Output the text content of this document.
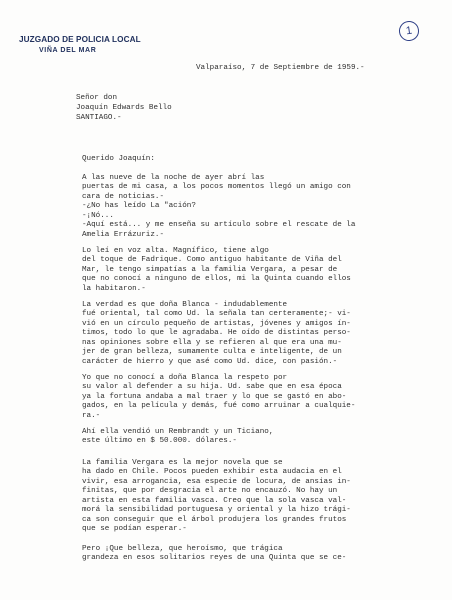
JUZGADO DE POLICIA LOCAL
VIÑA DEL MAR
1
Valparaíso, 7 de Septiembre de 1959.-
Señor don
Joaquín Edwards Bello
SANTIAGO.-
Querido Joaquín:
A las nueve de la noche de ayer abrí las
puertas de mi casa, a los pocos momentos llegó un amigo con
cara de noticias.-
-¿No has leído La "ación?
-¡Nó...
-Aquí está... y me enseña su artículo sobre el rescate de la
Amelia Errázuriz.-
Lo leí en voz alta. Magnífico, tiene algo
del toque de Fadrique. Como antiguo habitante de Viña del
Mar, le tengo simpatías a la familia Vergara, a pesar de
que no conocí a ninguno de ellos, mi la Quinta cuando ellos
la habitaron.-
La verdad es que doña Blanca - indudablemente
fué oriental, tal como Ud. la señala tan certeramente;- vi-
vió en un círculo pequeño de artistas, jóvenes y amigos ín-
timos, todo lo que le agradaba. He oído de distintas perso-
nas opiniones sobre ella y se refieren al que era una mu-
jer de gran belleza, sumamente culta e inteligente, de un
carácter de hierro y que asé como Ud. dice, con pasión.-
Yo que no conocí a doña Blanca la respeto por
su valor al defender a su hija. Ud. sabe que en esa época
ya la fortuna andaba a mal traer y lo que se gastó en abo-
gados, en la película y demás, fué como arruinar a cualquie-
ra.-
Ahí ella vendió un Rembrandt y un Ticiano,
este último en $ 50.000. dólares.-
La familia Vergara es la mejor novela que se
ha dado en Chile. Pocos pueden exhibir esta audacia en el
vivir, esa arrogancia, esa especie de locura, de ansias in-
finitas, que por desgracia el arte no encauzó. No hay un
artista en esta familia vasca. Creo que la sola vasca val-
morá la sensibilidad portuguesa y oriental y la hizo trági-
ca son conseguir que el árbol produjera los grandes frutos
que se podían esperar.-
Pero ¡Que belleza, que heroísmo, que trágica
grandeza en esos solitarios reyes de una Quinta que se ce-
